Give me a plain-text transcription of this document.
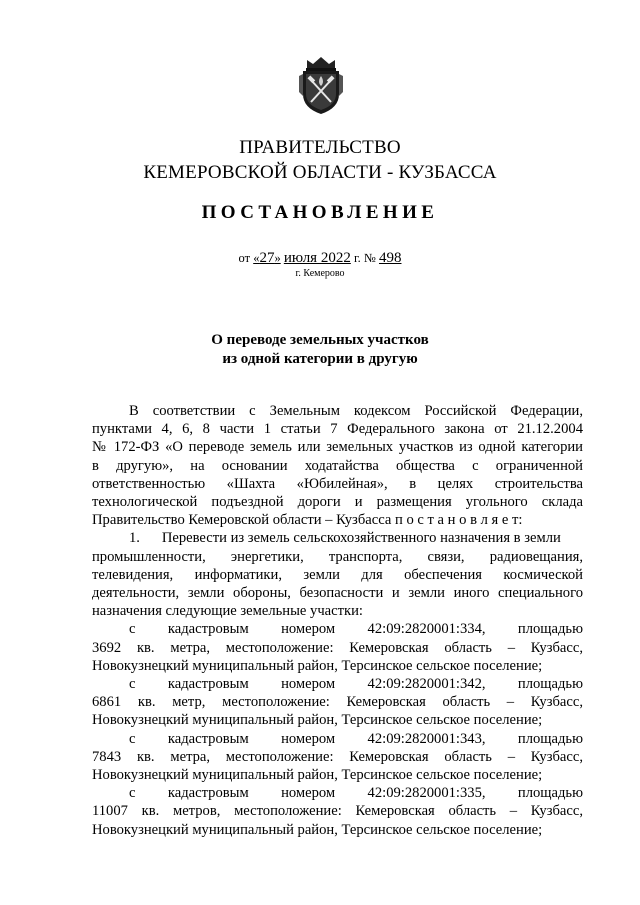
ПРАВИТЕЛЬСТВО
КЕМЕРОВСКОЙ ОБЛАСТИ - КУЗБАССА
ПОСТАНОВЛЕНИЕ
от «27» июля 2022 г. № 498
г. Кемерово
О переводе земельных участков
из одной категории в другую
В соответствии с Земельным кодексом Российской Федерации,
пунктами 4, 6, 8 части 1 статьи 7 Федерального закона от 21.12.2004
№ 172-ФЗ «О переводе земель или земельных участков из одной категории
в другую», на основании ходатайства общества с ограниченной
ответственностью «Шахта «Юбилейная», в целях строительства
технологической подъездной дороги и размещения угольного склада
Правительство Кемеровской области – Кузбасса п о с т а н о в л я е т:
1.      Перевести из земель сельскохозяйственного назначения в земли
промышленности, энергетики, транспорта, связи, радиовещания,
телевидения, информатики, земли для обеспечения космической
деятельности, земли обороны, безопасности и земли иного специального
назначения следующие земельные участки:
с кадастровым номером 42:09:2820001:334, площадью
3692 кв. метра, местоположение: Кемеровская область – Кузбасс,
Новокузнецкий муниципальный район, Терсинское сельское поселение;
с кадастровым номером 42:09:2820001:342, площадью
6861 кв. метр, местоположение: Кемеровская область – Кузбасс,
Новокузнецкий муниципальный район, Терсинское сельское поселение;
с кадастровым номером 42:09:2820001:343, площадью
7843 кв. метра, местоположение: Кемеровская область – Кузбасс,
Новокузнецкий муниципальный район, Терсинское сельское поселение;
с кадастровым номером 42:09:2820001:335, площадью
11007 кв. метров, местоположение: Кемеровская область – Кузбасс,
Новокузнецкий муниципальный район, Терсинское сельское поселение;
